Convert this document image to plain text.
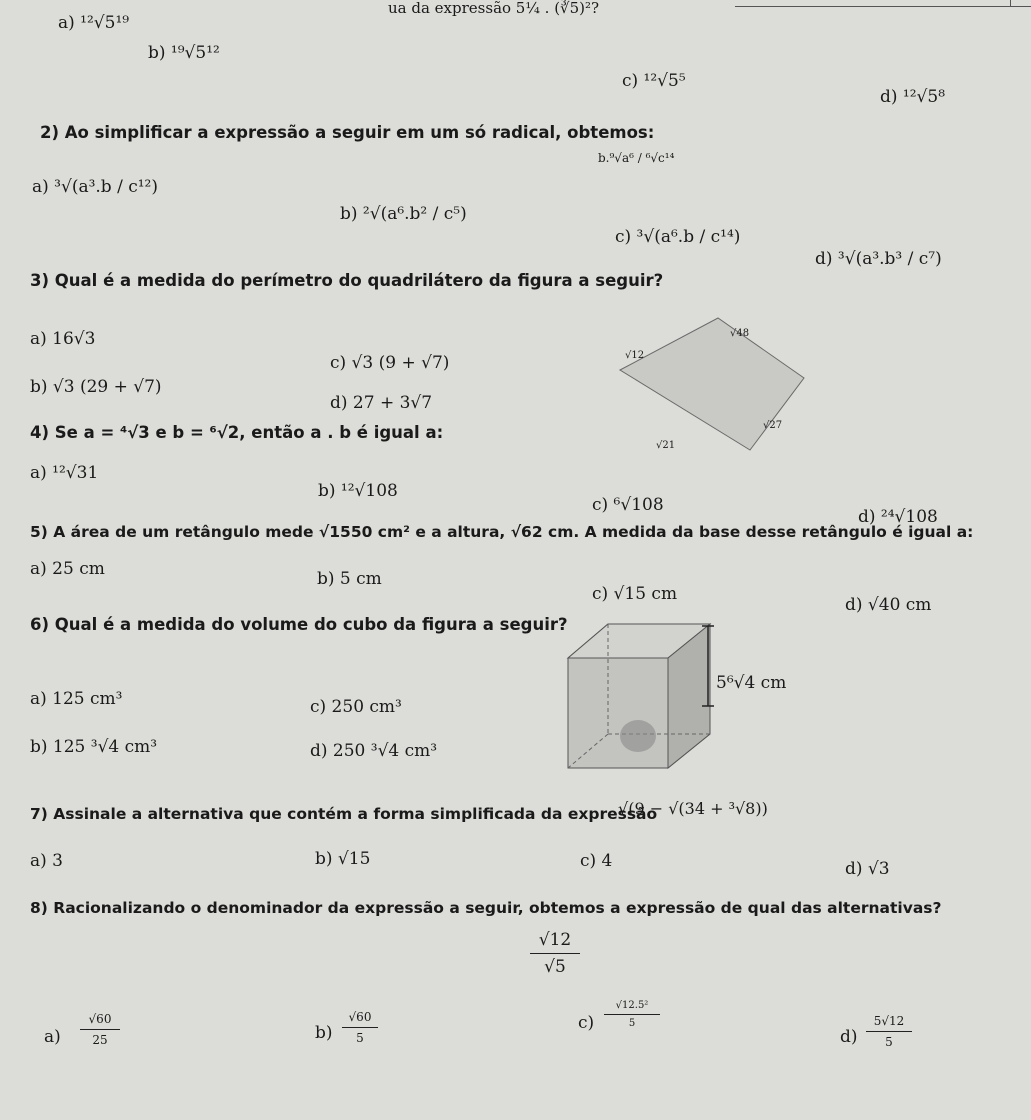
ua da expressão 5¼ . (∛5)²?
a) ¹²√5¹⁹
b) ¹⁹√5¹²
c) ¹²√5⁵
d) ¹²√5⁸
2) Ao simplificar a expressão a seguir em um só radical, obtemos:
b.⁹√a⁶ / ⁶√c¹⁴
a) ³√(a³.b / c¹²)
b) ²√(a⁶.b² / c⁵)
c) ³√(a⁶.b / c¹⁴)
d) ³√(a³.b³ / c⁷)
3) Qual é a medida do perímetro do quadrilátero da figura a seguir?
a) 16√3
c) √3 (9 + √7)
b) √3 (29 + √7)
d) 27 + 3√7
√48
√12
√27
√21
4) Se a = ⁴√3 e b = ⁶√2, então a . b é igual a:
a) ¹²√31
b) ¹²√108
c) ⁶√108
d) ²⁴√108
5) A área de um retângulo mede √1550 cm² e a altura, √62 cm. A medida da base desse retângulo é igual a:
a) 25 cm	b) 5 cm
c) √15 cm
d) √40 cm
6) Qual é a medida do volume do cubo da figura a seguir?
a) 125 cm³	c) 250 cm³
b) 125 ³√4 cm³	d) 250 ³√4 cm³
5⁶√4 cm
7) Assinale a alternativa que contém a forma simplificada da expressão
√(9 − √(34 + ³√8))
a) 3	b) √15	c) 4	d) √3
8) Racionalizando o denominador da expressão a seguir, obtemos a expressão de qual das alternativas?
√12
√5
a)
√60
25	b)
√60
5
c)
√12.5²
5
d)
5√12
5
